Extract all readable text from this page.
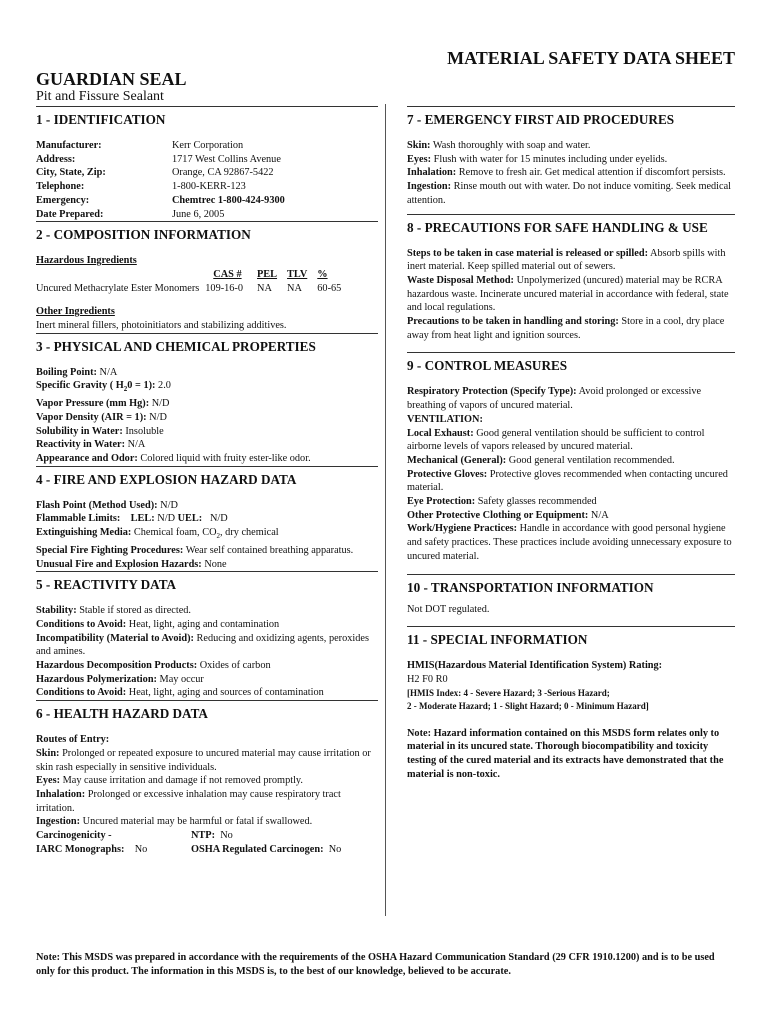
MATERIAL SAFETY DATA SHEET
GUARDIAN SEAL
Pit and Fissure Sealant
1 - IDENTIFICATION
Manufacturer:	Kerr Corporation
Address:	1717 West Collins Avenue
City, State, Zip:	Orange, CA 92867-5422
Telephone:	1-800-KERR-123
Emergency:	Chemtrec 1-800-424-9300
Date Prepared:	June 6, 2005
2 - COMPOSITION INFORMATION
Hazardous Ingredients
	CAS #	PEL	TLV	%
Uncured Methacrylate Ester Monomers	109-16-0	NA	NA	60-65
Other Ingredients
Inert mineral fillers, photoinitiators and stabilizing additives.
3 - PHYSICAL AND CHEMICAL PROPERTIES
Boiling Point: N/A
Specific Gravity ( $H_20 = 1$): 2.0
Vapor Pressure (mm Hg): N/D
Vapor Density (AIR = 1): N/D
Solubility in Water: Insoluble
Reactivity in Water: N/A
Appearance and Odor: Colored liquid with fruity ester-like odor.
4 - FIRE AND EXPLOSION HAZARD DATA
Flash Point (Method Used): N/D
Flammable Limits: LEL: N/D UEL: N/D
Extinguishing Media: Chemical foam, $CO_2$, dry chemical
Special Fire Fighting Procedures: Wear self contained breathing apparatus.
Unusual Fire and Explosion Hazards: None
5 - REACTIVITY DATA
Stability: Stable if stored as directed.
Conditions to Avoid: Heat, light, aging and contamination
Incompatibility (Material to Avoid): Reducing and oxidizing agents, peroxides and amines.
Hazardous Decomposition Products: Oxides of carbon
Hazardous Polymerization: May occur
Conditions to Avoid: Heat, light, aging and sources of contamination
6 - HEALTH HAZARD DATA
Routes of Entry:
Skin: Prolonged or repeated exposure to uncured material may cause irritation or skin rash especially in sensitive individuals.
Eyes: May cause irritation and damage if not removed promptly.
Inhalation: Prolonged or excessive inhalation may cause respiratory tract irritation.
Ingestion: Uncured material may be harmful or fatal if swallowed.
Carcinogenicity -	NTP: No
IARC Monographs: No	OSHA Regulated Carcinogen: No
7 - EMERGENCY FIRST AID PROCEDURES
Skin: Wash thoroughly with soap and water.
Eyes: Flush with water for 15 minutes including under eyelids.
Inhalation: Remove to fresh air. Get medical attention if discomfort persists.
Ingestion: Rinse mouth out with water. Do not induce vomiting. Seek medical attention.
8 - PRECAUTIONS FOR SAFE HANDLING & USE
Steps to be taken in case material is released or spilled: Absorb spills with inert material. Keep spilled material out of sewers.
Waste Disposal Method: Unpolymerized (uncured) material may be RCRA hazardous waste. Incinerate uncured material in accordance with federal, state and local regulations.
Precautions to be taken in handling and storing: Store in a cool, dry place away from heat light and ignition sources.
9 - CONTROL MEASURES
Respiratory Protection (Specify Type): Avoid prolonged or excessive breathing of vapors of uncured material.
VENTILATION:
Local Exhaust: Good general ventilation should be sufficient to control airborne levels of vapors released by uncured material.
Mechanical (General): Good general ventilation recommended.
Protective Gloves: Protective gloves recommended when contacting uncured material.
Eye Protection: Safety glasses recommended
Other Protective Clothing or Equipment: N/A
Work/Hygiene Practices: Handle in accordance with good personal hygiene and safety practices. These practices include avoiding unnecessary exposure to uncured material.
10 - TRANSPORTATION INFORMATION
Not DOT regulated.
11 - SPECIAL INFORMATION
HMIS(Hazardous Material Identification System) Rating:
H2 F0 R0
[HMIS Index: 4 - Severe Hazard; 3 -Serious Hazard;
2 - Moderate Hazard; 1 - Slight Hazard; 0 - Minimum Hazard]
Note: Hazard information contained on this MSDS form relates only to material in its uncured state. Thorough biocompatibility and toxicity testing of the cured material and its extracts have demonstrated that the material is non-toxic.
Note: This MSDS was prepared in accordance with the requirements of the OSHA Hazard Communication Standard (29 CFR 1910.1200) and is to be used only for this product. The information in this MSDS is, to the best of our knowledge, believed to be accurate.
